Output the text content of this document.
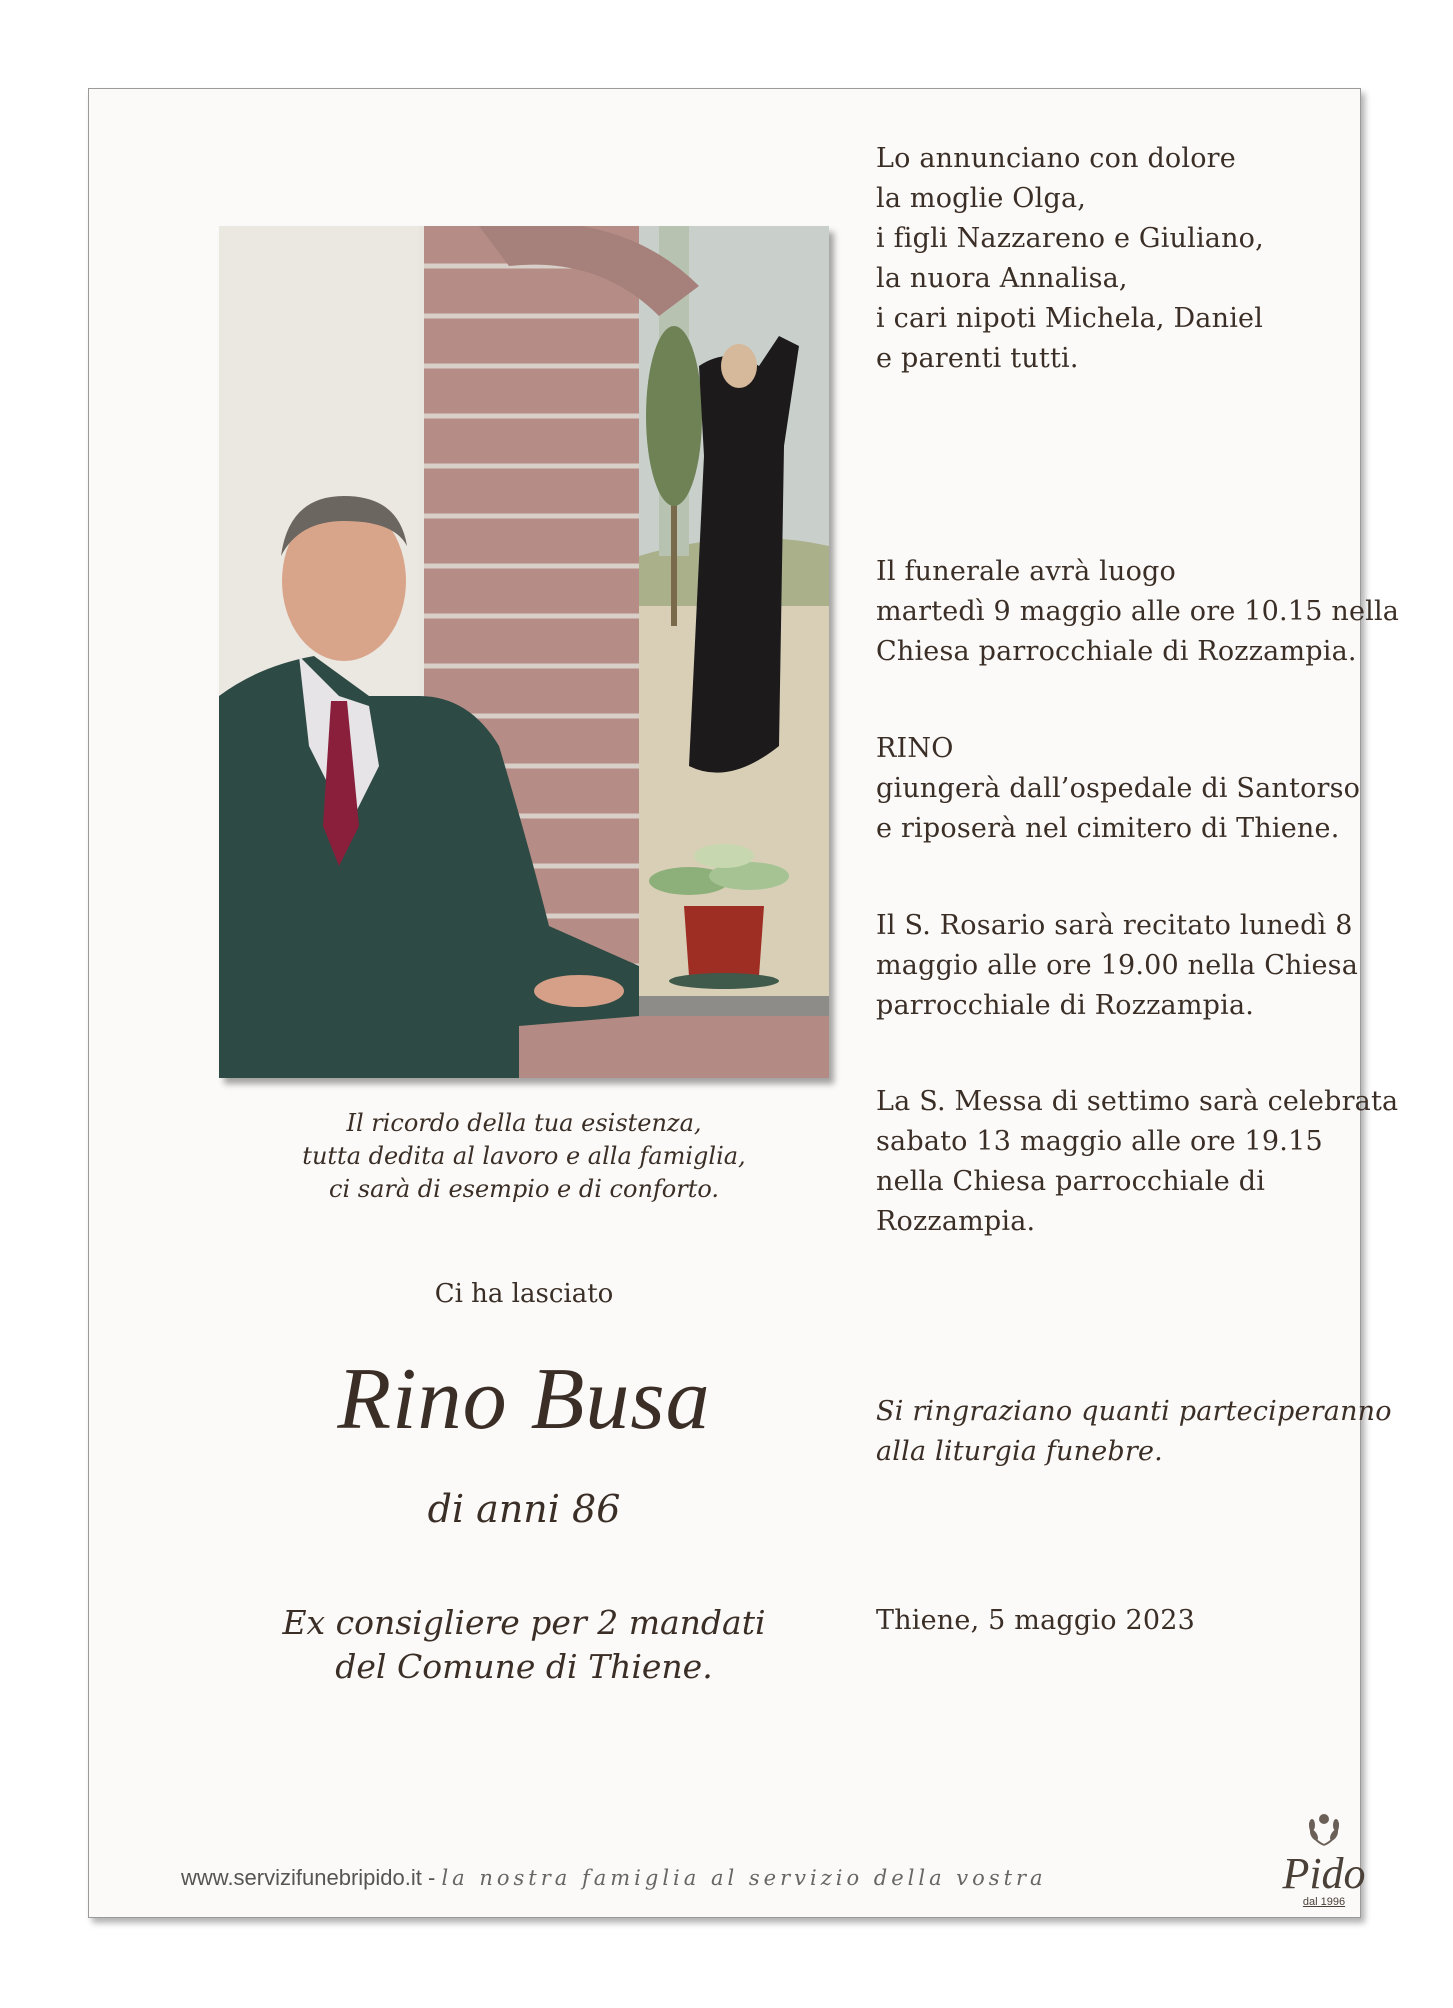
Lo annunciano con dolore
la moglie Olga,
i figli Nazzareno e Giuliano,
la nuora Annalisa,
i cari nipoti Michela, Daniel
e parenti tutti.
Il funerale avrà luogo
martedì 9 maggio alle ore 10.15 nella
Chiesa parrocchiale di Rozzampia.
RINO
giungerà dall’ospedale di Santorso
e riposerà nel cimitero di Thiene.
Il S. Rosario sarà recitato lunedì 8
maggio alle ore 19.00 nella Chiesa
parrocchiale di Rozzampia.
La S. Messa di settimo sarà celebrata
sabato 13 maggio alle ore 19.15
nella Chiesa parrocchiale di
Rozzampia.
Si ringraziano quanti parteciperanno
alla liturgia funebre.
Thiene, 5 maggio 2023
Il ricordo della tua esistenza,
tutta dedita al lavoro e alla famiglia,
ci sarà di esempio e di conforto.
Ci ha lasciato
Rino Busa
di anni 86
Ex consigliere per 2 mandati
del Comune di Thiene.
Pido
dal 1996
www.servizifunebripido.it - la nostra famiglia al servizio della vostra
